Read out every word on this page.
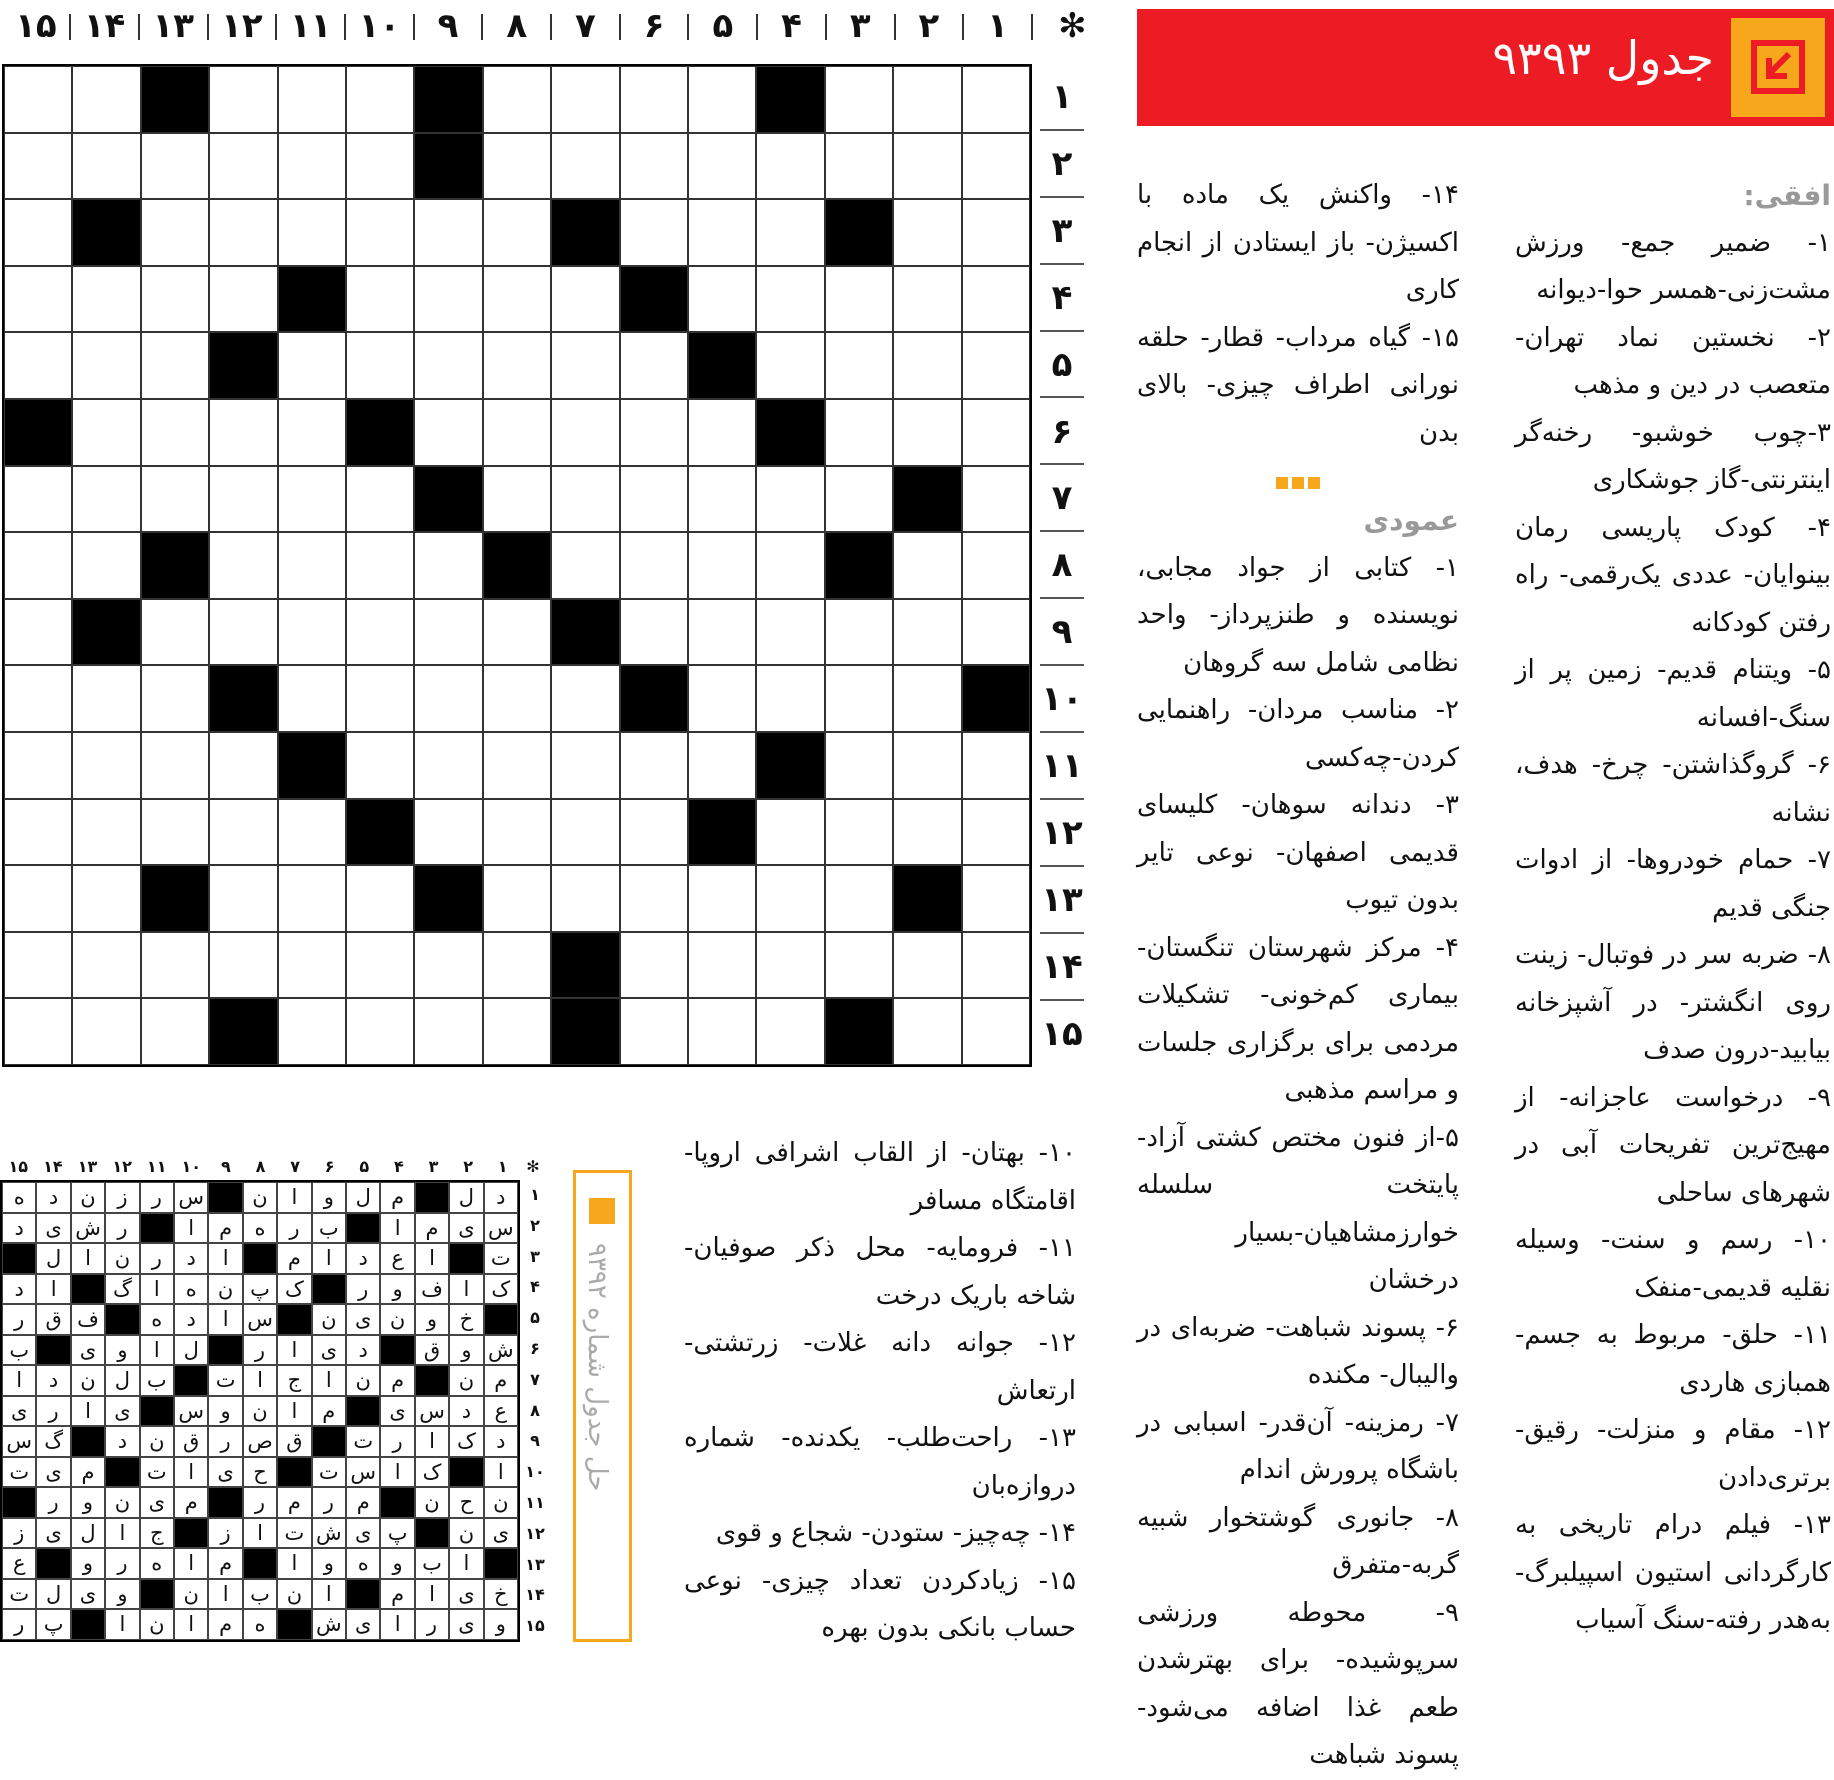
۱
۲
۳
۴
۵
۶
۷
۸
۹
۱۰
۱۱
۱۲
۱۳
۱۴
۱۵	✻
۱
۲
۳
۴
۵
۶
۷
۸
۹
۱۰
۱۱
۱۲
۱۳
۱۴
۱۵
جدول ۹۳۹۳
افقی:

۱- ضمیر جمع- ورزش مشت‌زنی-همسر حوا-دیوانه

۲- نخستین نماد تهران- متعصب در دین و مذهب

۳-چوب خوشبو- رخنه‌گر اینترنتی-گاز جوشکاری

۴- کودک پاریسی رمان بینوایان- عددی یک‌رقمی- راه رفتن کودکانه

۵- ویتنام قدیم- زمین پر از سنگ-افسانه

۶- گروگذاشتن- چرخ- هدف، نشانه

۷- حمام خودروها- از ادوات جنگی قدیم

۸- ضربه سر در فوتبال- زینت روی انگشتر- در آشپزخانه بیابید-درون صدف

۹- درخواست عاجزانه- از مهیج‌ترین تفریحات آبی در شهرهای ساحلی

۱۰- رسم و سنت- وسیله نقلیه قدیمی-منفک

۱۱- حلق- مربوط به جسم- همبازی هاردی

۱۲- مقام و منزلت- رقیق- برتری‌دادن

۱۳- فیلم درام تاریخی به کارگردانی استیون اسپیلبرگ- به‌هدر رفته-سنگ آسیاب

۱۴- واکنش یک ماده با اکسیژن- باز ایستادن از انجام کاری

۱۵- گیاه مرداب- قطار- حلقه نورانی اطراف چیزی- بالای بدن

عمودی

۱- کتابی از جواد مجابی، نویسنده و طنزپرداز- واحد نظامی شامل سه گروهان

۲- مناسب مردان- راهنمایی کردن-چه‌کسی

۳- دندانه سوهان- کلیسای قدیمی اصفهان- نوعی تایر بدون تیوب

۴- مرکز شهرستان تنگستان- بیماری کم‌خونی- تشکیلات مردمی برای برگزاری جلسات و مراسم مذهبی

۵-از فنون مختص کشتی آزاد- پایتخت سلسله خوارزمشاهیان-بسیار درخشان

۶- پسوند شباهت- ضربه‌ای در والیبال- مکنده

۷- رمزینه- آن‌قدر- اسبابی در باشگاه پرورش اندام

۸- جانوری گوشتخوار شبیه گربه-متفرق

۹- محوطه ورزشی سرپوشیده- برای بهترشدن طعم غذا اضافه می‌شود- پسوند شباهت

۱۰- بهتان- از القاب اشرافی اروپا- اقامتگاه مسافر

۱۱- فرومایه- محل ذکر صوفیان- شاخه باریک درخت

۱۲- جوانه دانه غلات- زرتشتی- ارتعاش

۱۳- راحت‌طلب- یکدنده- شماره دروازه‌بان

۱۴- چه‌چیز- ستودن- شجاع و قوی

۱۵- زیادکردن تعداد چیزی- نوعی حساب بانکی بدون بهره

حل جدول شماره ۹۳۹۲
۱
۲
۳
۴
۵
۶
۷
۸
۹
۱۰
۱۱
۱۲
۱۳
۱۴
۱۵	✻
د
ل
م
ل
و
ا
ن
س
ر
ز
ن
د
ه
س
ی
م
ا
ب
ر
ه
م
ا
ر
ش
ی
د
ت
ا
ع
د
ا
م
ا
د
ر
ن
ا
ل
ک
ا
ف
و
ر
ک
پ
ن
ه
ا
گ
ا
د
خ
و
ن
ی
ن
س
ا
د
ه
ف
ق
ر
ش
و
ق
د
ی
ا
ر
ل
ا
و
ی
ب
م
ن
م
ن
ا
ج
ا
ت
ب
ل
ن
د
ا
ع
د
س
ی
م
ا
ن
و
س
ی
ا
ر
ی
د
ک
ا
ر
ت
ق
ص
ر
ق
ن
د
گ
س
ا
ک
ا
س
ت
ح
ی
ا
ت
م
ی
ت
ن
ح
ن
م
ر
م
ر
م
ی
ن
و
ر
ی
ن
پ
ی
ش
ت
ا
ز
ج
ا
ل
ی
ز
ا
ب
و
ه
و
ا
م
ا
ه
ر
و
ع
خ
ی
ا
م
ا
ن
ب
ا
ن
و
ی
ل
ت
و
ی
ر
ا
ی
ش
ه
م
ا
ن
ا
پ
ر
۱
۲
۳
۴
۵
۶
۷
۸
۹
۱۰
۱۱
۱۲
۱۳
۱۴
۱۵
